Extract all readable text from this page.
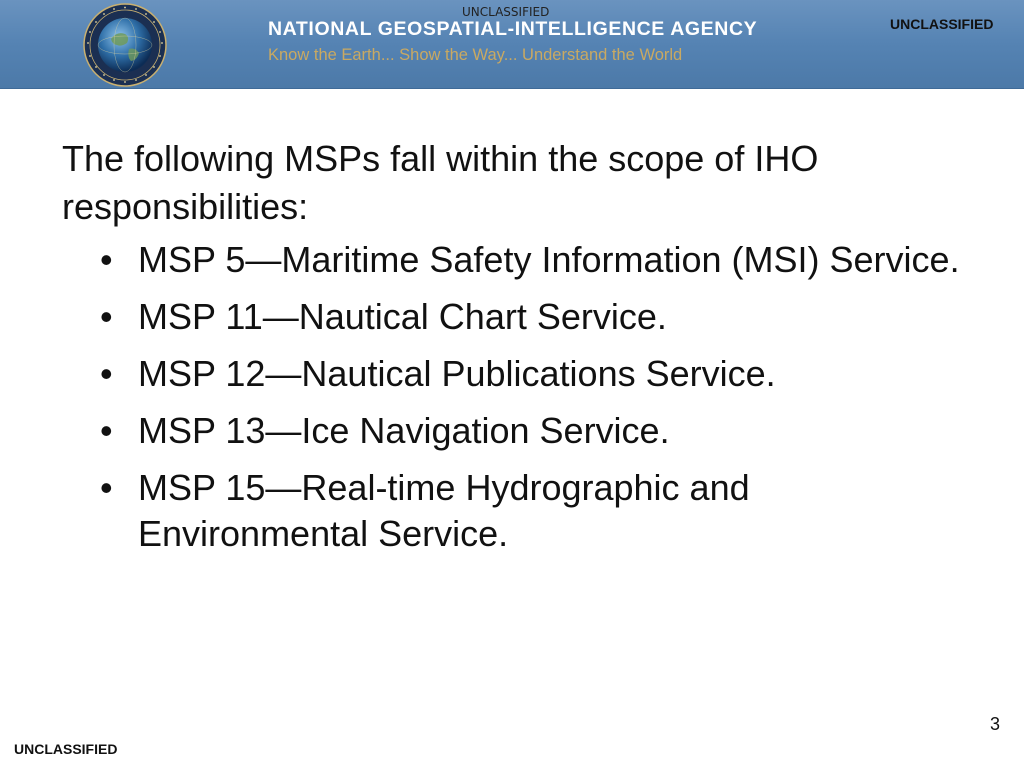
NATIONAL GEOSPATIAL-INTELLIGENCE AGENCY
Know the Earth... Show the Way... Understand the World
UNCLASSIFIED
UNCLASSIFIED

The following MSPs fall within the scope of IHO responsibilities:

• MSP 5—Maritime Safety Information (MSI) Service.
• MSP 11—Nautical Chart Service.
• MSP 12—Nautical Publications Service.
• MSP 13—Ice Navigation Service.
• MSP 15—Real-time Hydrographic and Environmental Service.
3
UNCLASSIFIED
